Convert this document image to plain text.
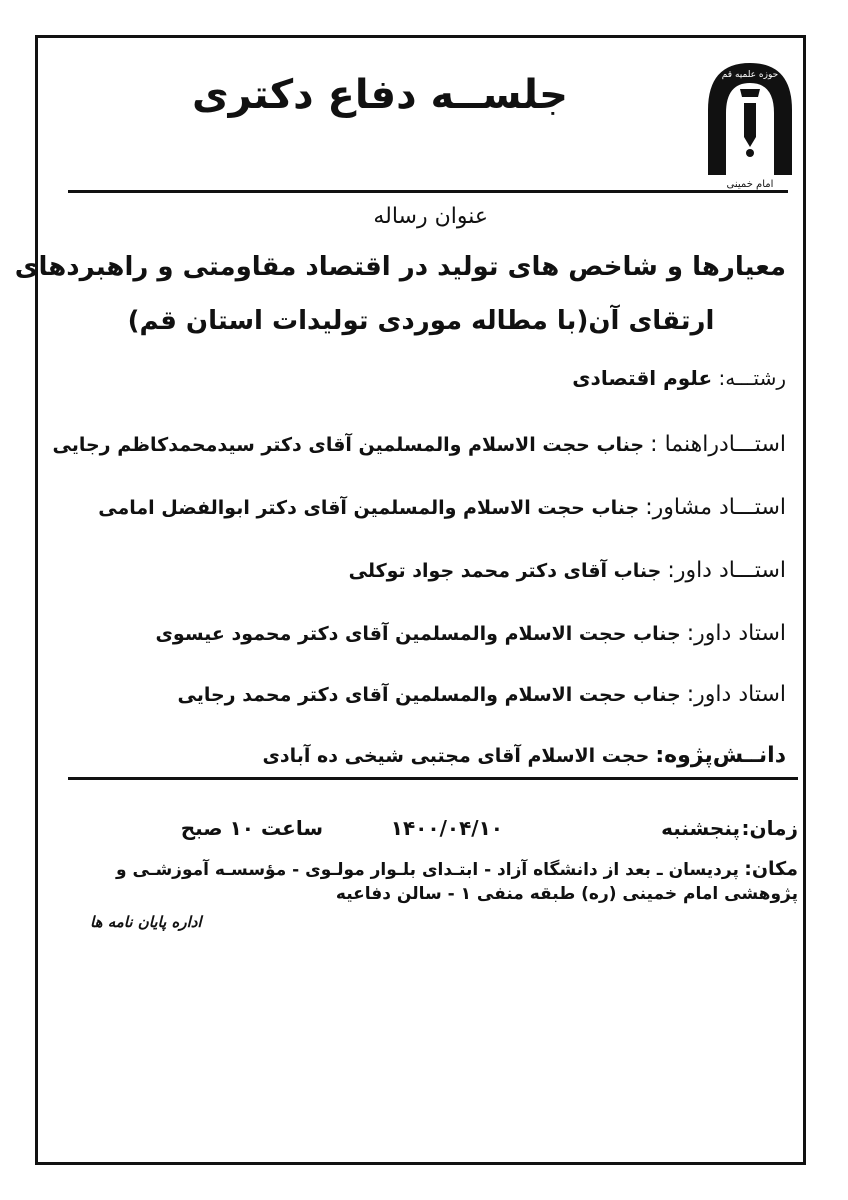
حوزه علمیه قم
امام خمینی
جلســه دفاع دکتری
عنوان رساله
معیارها و شاخص های تولید در اقتصاد مقاومتی و راهبردهای
ارتقای آن(با مطاله موردی تولیدات استان قم)
رشتـــه: علوم اقتصادی
استـــادراهنما : جناب حجت الاسلام والمسلمین آقای دکتر سیدمحمدکاظم رجایی
استـــاد مشاور: جناب حجت الاسلام والمسلمین آقای دکتر ابوالفضل امامی
استـــاد داور: جناب آقای دکتر محمد جواد توکلی
استاد داور: جناب حجت الاسلام والمسلمین آقای دکتر محمود عیسوی
استاد داور: جناب حجت الاسلام والمسلمین آقای دکتر محمد رجایی
دانــش‌پژوه: حجت الاسلام آقای مجتبی شیخی ده آبادی
زمان:
پنجشنبه
۱۴۰۰/۰۴/۱۰
ساعت ۱۰ صبح
مکان: پردیسان ـ بعد از دانشگاه آزاد - ابتـدای بلـوار مولـوی - مؤسسـه آموزشـی و
پژوهشی امام خمینی (ره) طبقه منفی ۱ - سالن دفاعیه
اداره پایان نامه ها
